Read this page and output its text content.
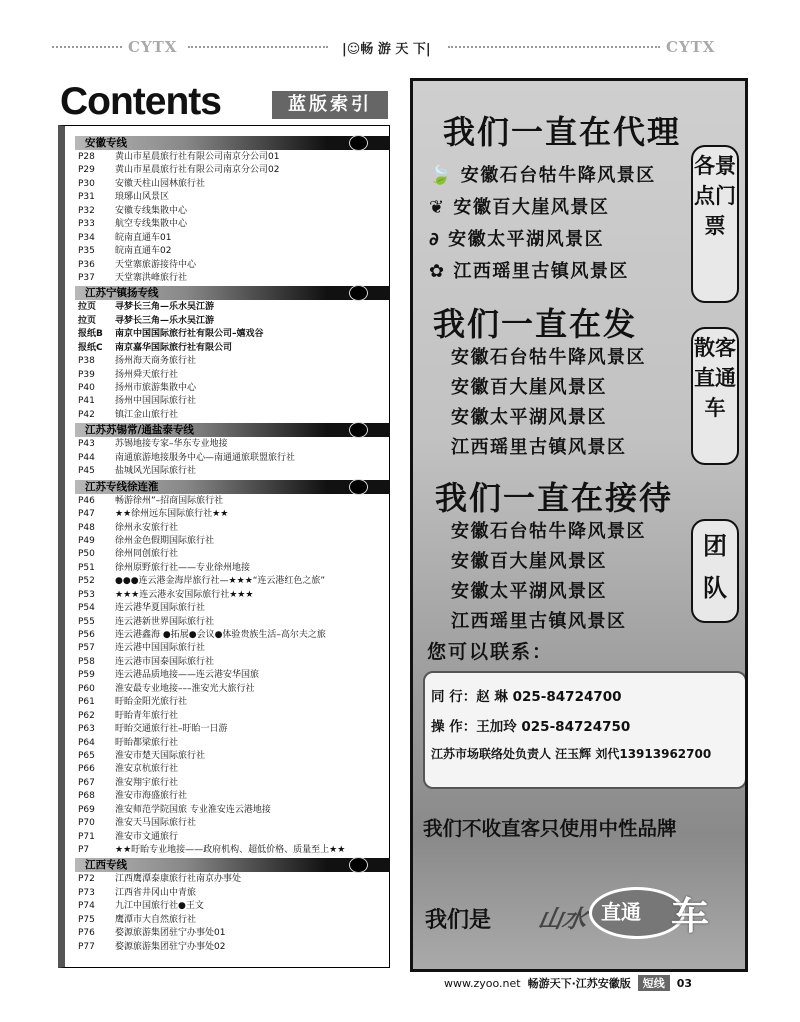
CYTX	|☺畅 游 天 下|	CYTX
Contents	蓝版索引
安徽专线
P28 黄山市星晨旅行社有限公司南京分公司01
P29 黄山市星晨旅行社有限公司南京分公司02
P30 安徽天柱山园林旅行社
P31 琅琊山风景区
P32 安徽专线集散中心
P33 航空专线集散中心
P34 皖南直通车01
P35 皖南直通车02
P36 天堂寨旅游接待中心
P37 天堂寨洪峰旅行社
江苏宁镇扬专线
拉页 寻梦长三角—乐水吴江游
拉页 寻梦长三角—乐水吴江游
报纸B 南京中国国际旅行社有限公司–嬉戏谷
报纸C 南京嘉华国际旅行社有限公司
P38 扬州海天商务旅行社
P39 扬州舜天旅行社
P40 扬州市旅游集散中心
P41 扬州中国国际旅行社
P42 镇江金山旅行社
江苏苏锡常/通盐泰专线
P43 苏锡地接专家–华东专业地接
P44 南通旅游地接服务中心—南通通旅联盟旅行社
P45 盐城风光国际旅行社
江苏专线徐连淮
P46 畅游徐州”–招商国际旅行社
P47 ★★徐州远东国际旅行社★★
P48 徐州永安旅行社
P49 徐州金色假期国际旅行社
P50 徐州同创旅行社
P51 徐州原野旅行社——专业徐州地接
P52 ●●●连云港金海岸旅行社—★★★“连云港红色之旅”
P53 ★★★连云港永安国际旅行社★★★
P54 连云港华夏国际旅行社
P55 连云港新世界国际旅行社
P56 连云港鑫海 ●拓展●会议●体验贵族生活–高尔夫之旅
P57 连云港中国国际旅行社
P58 连云港市国泰国际旅行社
P59 连云港品质地接——连云港安华国旅
P60 淮安最专业地接–––淮安光大旅行社
P61 盱眙金阳光旅行社
P62 盱眙青年旅行社
P63 盱眙交通旅行社–盱眙一日游
P64 盱眙都梁旅行社
P65 淮安市楚天国际旅行社
P66 淮安京杭旅行社
P67 淮安翔宇旅行社
P68 淮安市海盛旅行社
P69 淮安师范学院国旅 专业淮安连云港地接
P70 淮安天马国际旅行社
P71 淮安市文通旅行
P7	★★盱眙专业地接——政府机构、超低价格、质量至上★★
江西专线
P72 江西鹰潭泰康旅行社南京办事处
P73 江西省井冈山中青旅
P74 九江中国旅行社●王文
P75 鹰潭市大自然旅行社
P76 婺源旅游集团驻宁办事处01
P77 婺源旅游集团驻宁办事处02
我们一直在代理
🍃 安徽石台牯牛降风景区
❦ 安徽百大崖风景区
∂ 安徽太平湖风景区
✿ 江西瑶里古镇风景区
各景点门票
我们一直在发
安徽石台牯牛降风景区
安徽百大崖风景区
安徽太平湖风景区
江西瑶里古镇风景区
散客直通车
我们一直在接待
安徽石台牯牛降风景区
安徽百大崖风景区
安徽太平湖风景区
江西瑶里古镇风景区
团队
您可以联系：
同 行：赵 琳 025-84724700
操 作：王加玲 025-84724750
江苏市场联络处负责人 汪玉辉 刘代13913962700
我们不收直客只使用中性品牌
我们是 山水 直通 车
www.zyoo.net 畅游天下·江苏安徽版 短线 03
